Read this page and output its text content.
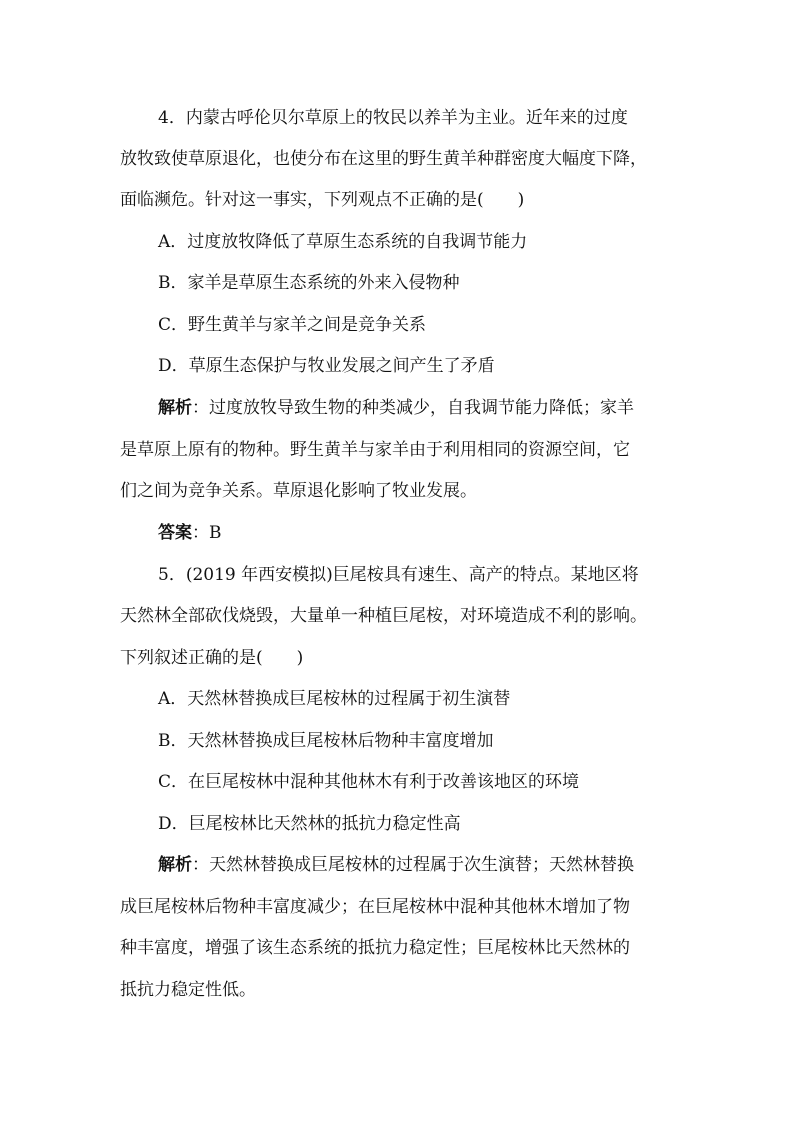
4．内蒙古呼伦贝尔草原上的牧民以养羊为主业。近年来的过度
放牧致使草原退化，也使分布在这里的野生黄羊种群密度大幅度下降，
面临濒危。针对这一事实，下列观点不正确的是(　　)
A．过度放牧降低了草原生态系统的自我调节能力
B．家羊是草原生态系统的外来入侵物种
C．野生黄羊与家羊之间是竞争关系
D．草原生态保护与牧业发展之间产生了矛盾
解析：过度放牧导致生物的种类减少，自我调节能力降低；家羊
是草原上原有的物种。野生黄羊与家羊由于利用相同的资源空间，它
们之间为竞争关系。草原退化影响了牧业发展。
答案：B
5．(2019 年西安模拟)巨尾桉具有速生、高产的特点。某地区将
天然林全部砍伐烧毁，大量单一种植巨尾桉，对环境造成不利的影响。
下列叙述正确的是(　　)
A．天然林替换成巨尾桉林的过程属于初生演替
B．天然林替换成巨尾桉林后物种丰富度增加
C．在巨尾桉林中混种其他林木有利于改善该地区的环境
D．巨尾桉林比天然林的抵抗力稳定性高
解析：天然林替换成巨尾桉林的过程属于次生演替；天然林替换
成巨尾桉林后物种丰富度减少；在巨尾桉林中混种其他林木增加了物
种丰富度，增强了该生态系统的抵抗力稳定性；巨尾桉林比天然林的
抵抗力稳定性低。
